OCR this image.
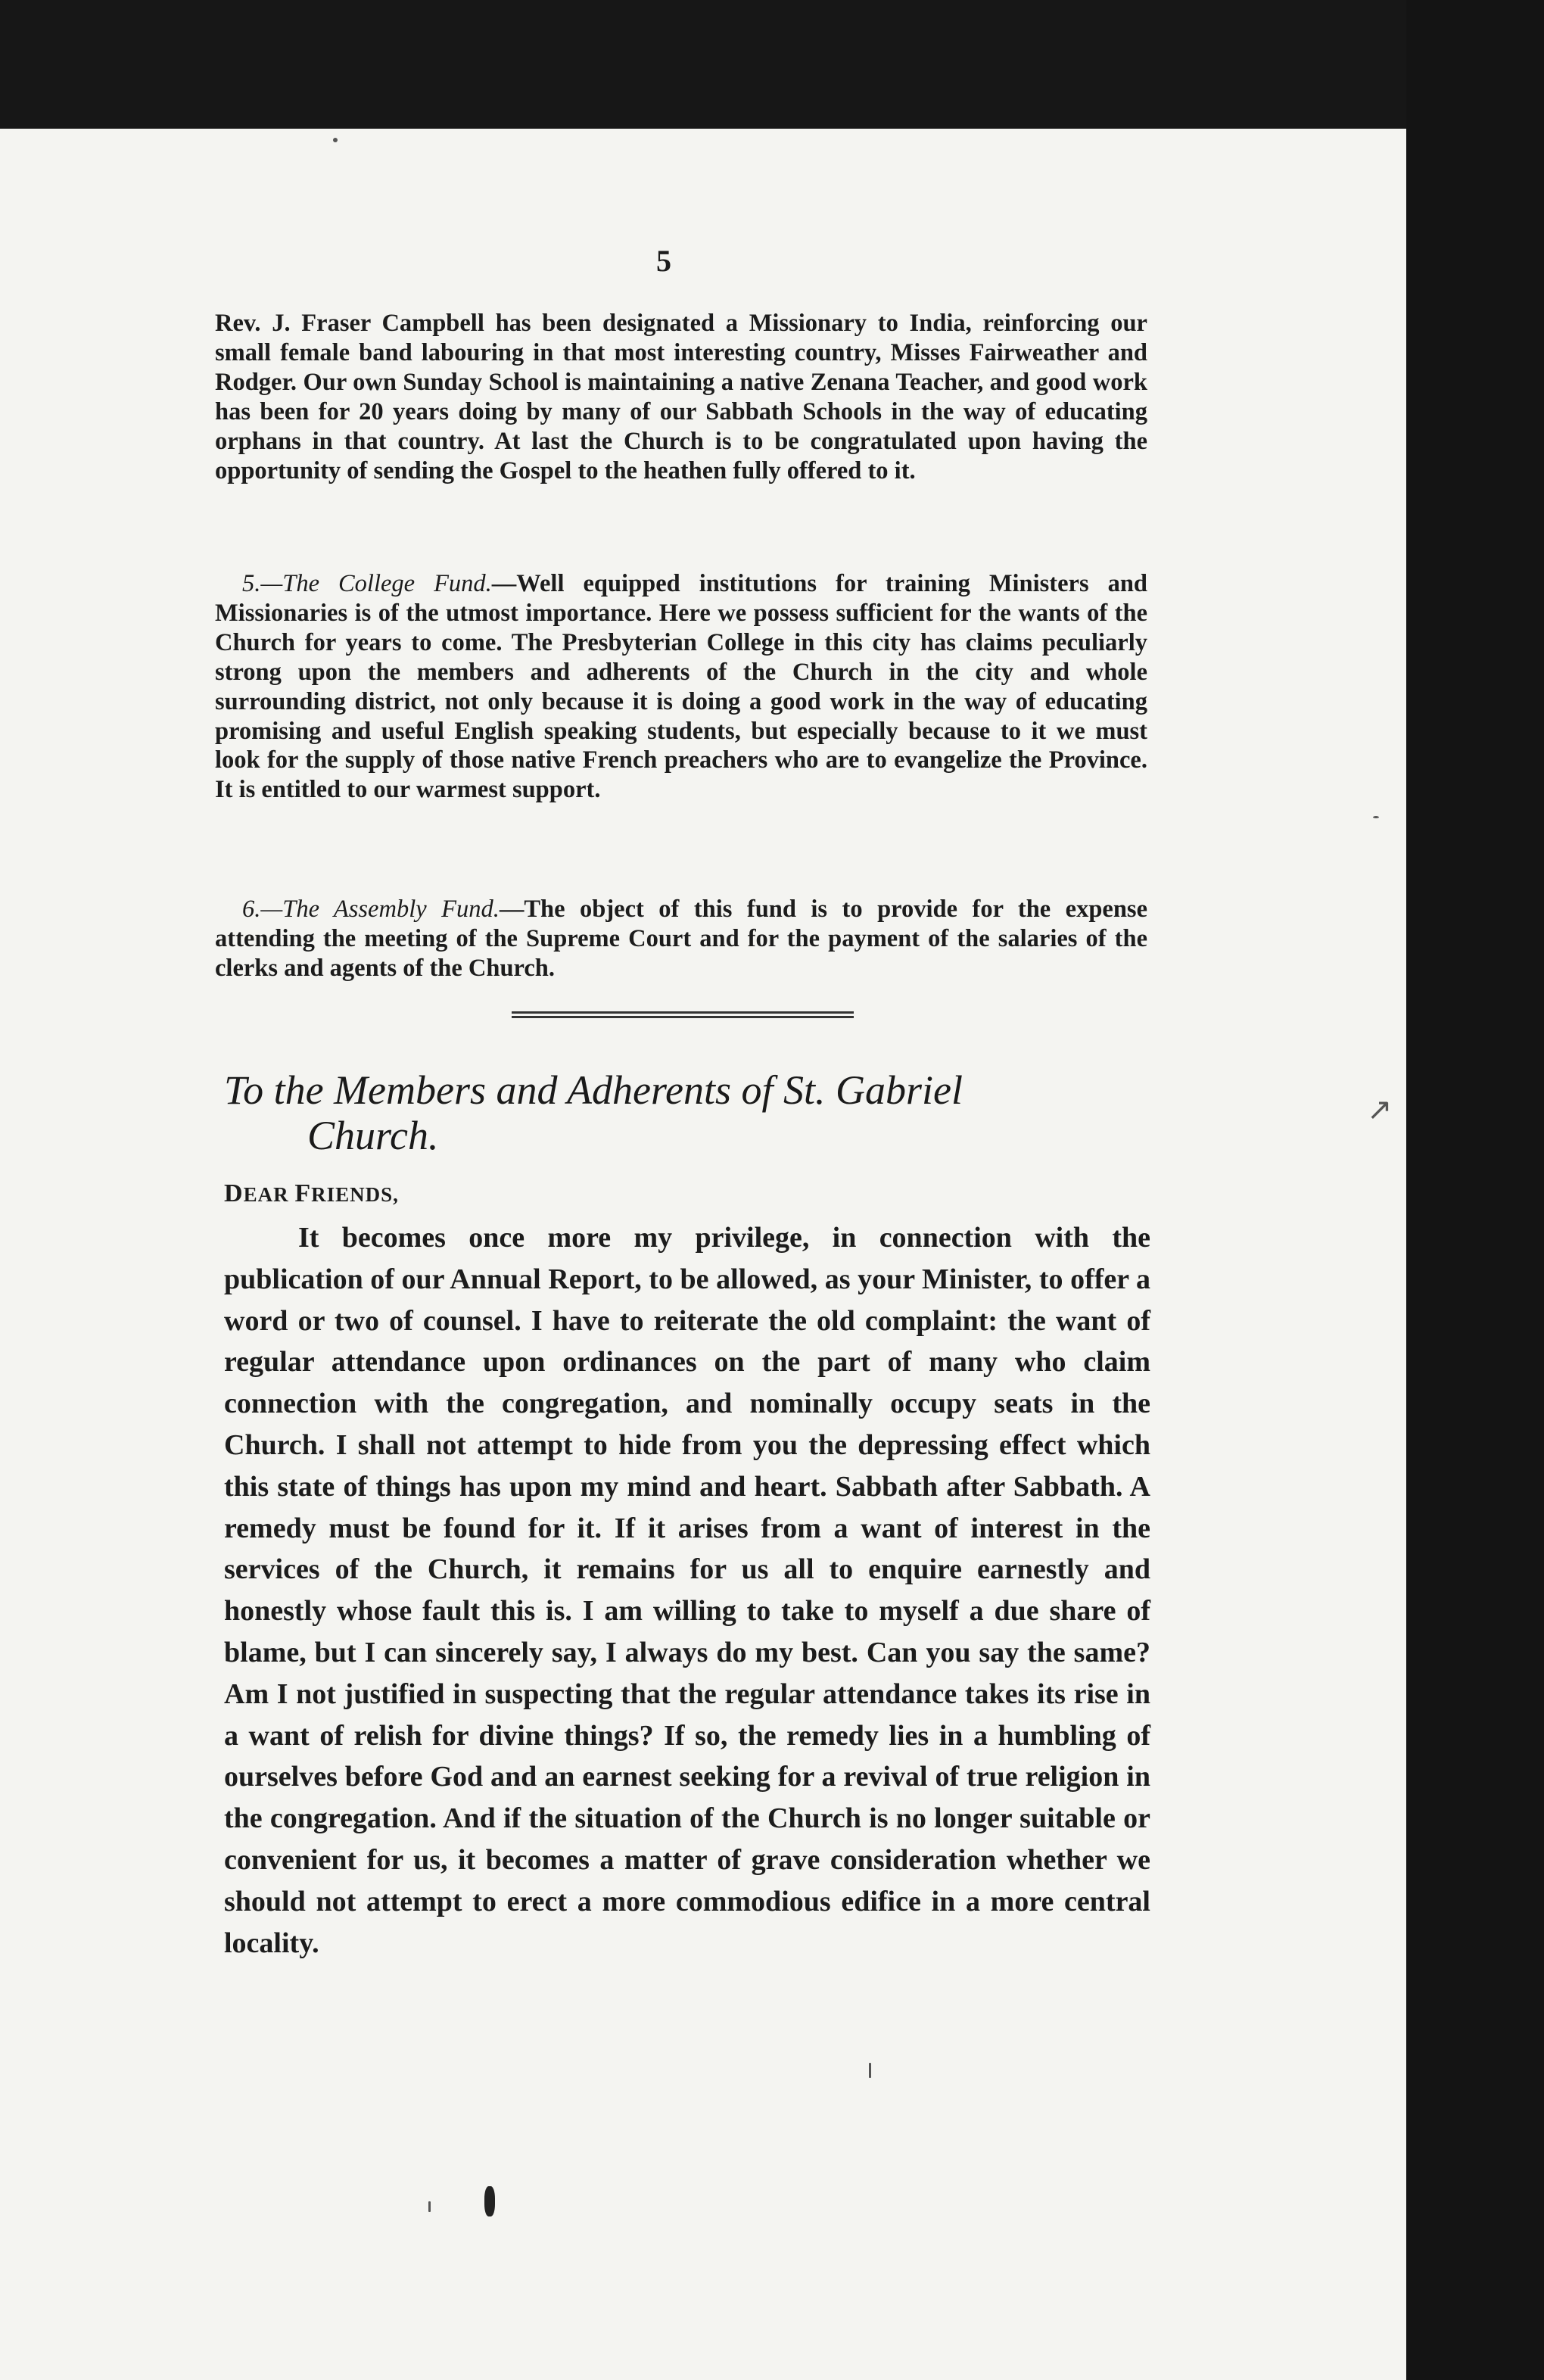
5

Rev. J. Fraser Campbell has been designated a Missionary to India, reinforcing our small female band labouring in that most interesting country, Misses Fairweather and Rodger. Our own Sunday School is maintaining a native Zenana Teacher, and good work has been for 20 years doing by many of our Sabbath Schools in the way of educating orphans in that country. At last the Church is to be congratulated upon having the opportunity of sending the Gospel to the heathen fully offered to it.

5.—The College Fund.—Well equipped institutions for training Ministers and Missionaries is of the utmost importance. Here we possess sufficient for the wants of the Church for years to come. The Presbyterian College in this city has claims peculiarly strong upon the members and adherents of the Church in the city and whole surrounding district, not only because it is doing a good work in the way of educating promising and useful English speaking students, but especially because to it we must look for the supply of those native French preachers who are to evangelize the Province. It is entitled to our warmest support.

6.—The Assembly Fund.—The object of this fund is to provide for the expense attending the meeting of the Supreme Court and for the payment of the salaries of the clerks and agents of the Church.

To the Members and Adherents of St. Gabriel
Church.
DEAR FRIENDS,

It becomes once more my privilege, in connection with the publication of our Annual Report, to be allowed, as your Minister, to offer a word or two of counsel. I have to reiterate the old complaint: the want of regular attendance upon ordinances on the part of many who claim connection with the congregation, and nominally occupy seats in the Church. I shall not attempt to hide from you the depressing effect which this state of things has upon my mind and heart. Sabbath after Sabbath. A remedy must be found for it. If it arises from a want of interest in the services of the Church, it remains for us all to enquire earnestly and honestly whose fault this is. I am willing to take to myself a due share of blame, but I can sincerely say, I always do my best. Can you say the same? Am I not justified in suspecting that the regular attendance takes its rise in a want of relish for divine things? If so, the remedy lies in a humbling of ourselves before God and an earnest seeking for a revival of true religion in the congregation. And if the situation of the Church is no longer suitable or convenient for us, it becomes a matter of grave consideration whether we should not attempt to erect a more commodious edifice in a more central locality.

↗
